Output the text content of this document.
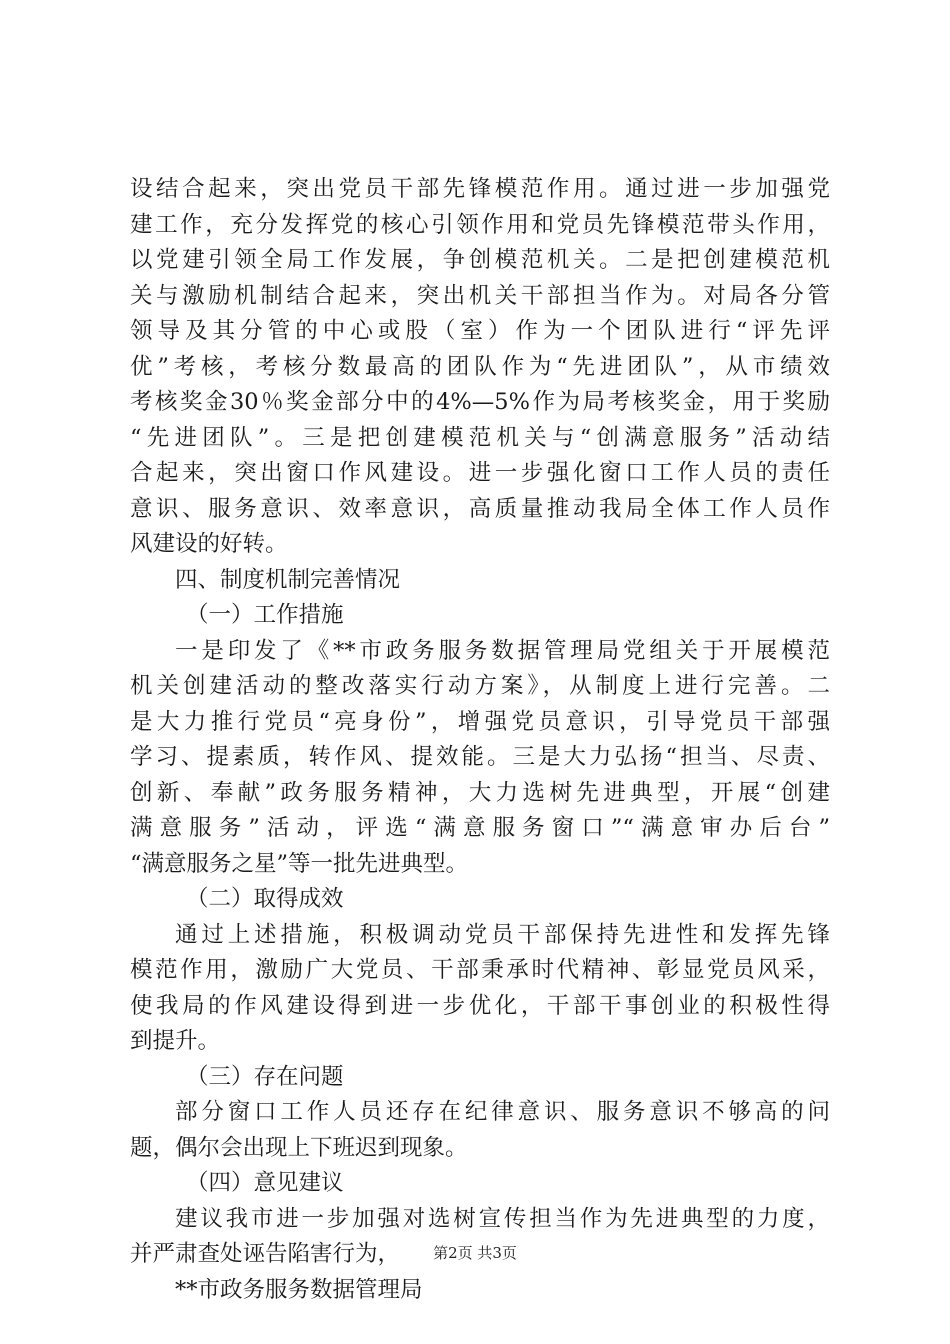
设结合起来，突出党员干部先锋模范作用。通过进一步加强党
建工作，充分发挥党的核心引领作用和党员先锋模范带头作用，
以党建引领全局工作发展，争创模范机关。二是把创建模范机
关与激励机制结合起来，突出机关干部担当作为。对局各分管
领导及其分管的中心或股（室）作为一个团队进行“评先评
优”考核，考核分数最高的团队作为“先进团队”，从市绩效
考核奖金30％奖金部分中的4%—5%作为局考核奖金，用于奖励
“先进团队”。三是把创建模范机关与“创满意服务”活动结
合起来，突出窗口作风建设。进一步强化窗口工作人员的责任
意识、服务意识、效率意识，高质量推动我局全体工作人员作
风建设的好转。
四、制度机制完善情况
（一）工作措施
一是印发了《**市政务服务数据管理局党组关于开展模范
机关创建活动的整改落实行动方案》，从制度上进行完善。二
是大力推行党员“亮身份”，增强党员意识，引导党员干部强
学习、提素质，转作风、提效能。三是大力弘扬“担当、尽责、
创新、奉献”政务服务精神，大力选树先进典型，开展“创建
满意服务”活动，评选“满意服务窗口”“满意审办后台”
“满意服务之星”等一批先进典型。
（二）取得成效
通过上述措施，积极调动党员干部保持先进性和发挥先锋
模范作用，激励广大党员、干部秉承时代精神、彰显党员风采，
使我局的作风建设得到进一步优化，干部干事创业的积极性得
到提升。
（三）存在问题
部分窗口工作人员还存在纪律意识、服务意识不够高的问
题，偶尔会出现上下班迟到现象。
（四）意见建议
建议我市进一步加强对选树宣传担当作为先进典型的力度，
并严肃查处诬告陷害行为，
**市政务服务数据管理局
第2页 共3页
